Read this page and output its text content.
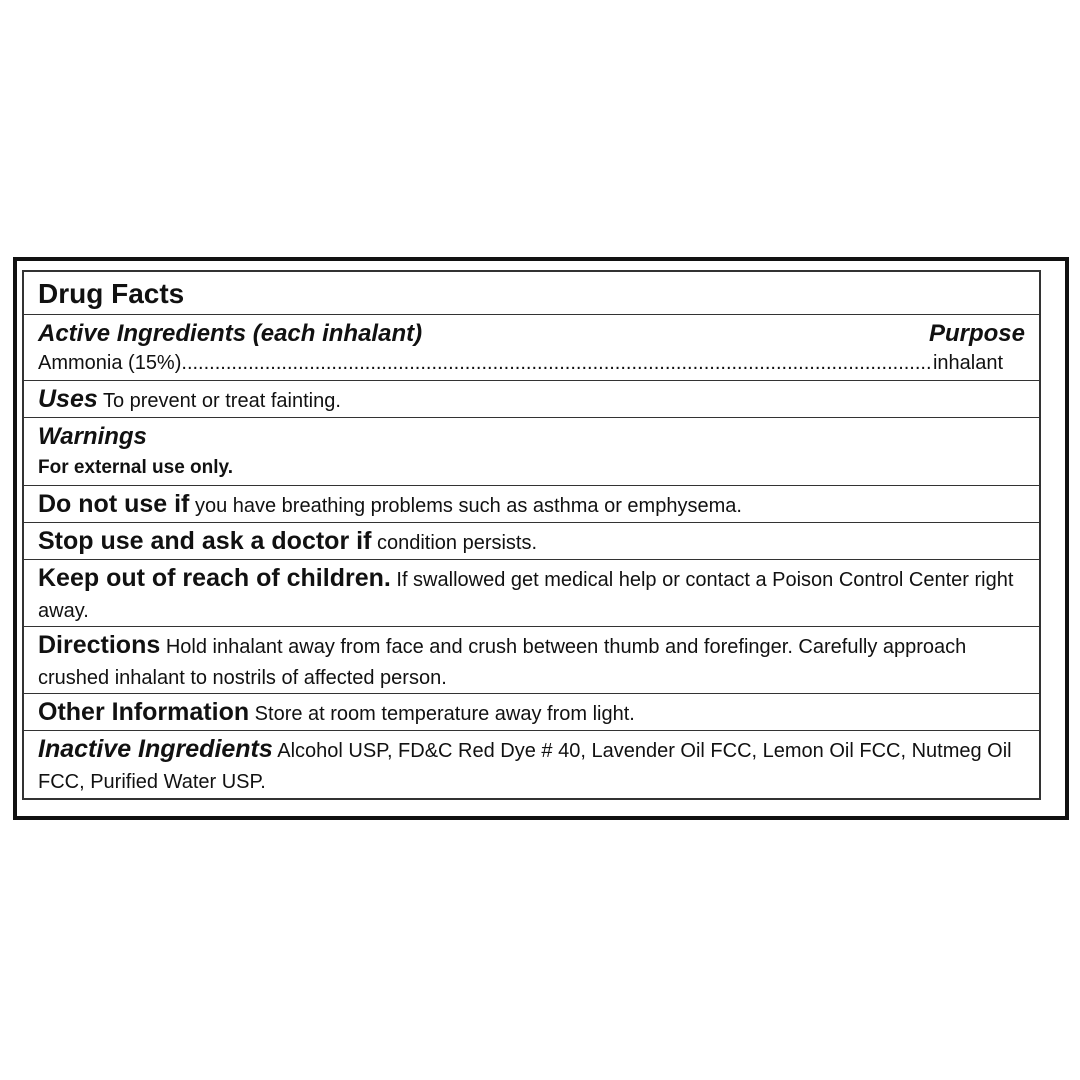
Drug Facts
Active Ingredients (each inhalant)	Purpose
Ammonia (15%)
.....	inhalant
Uses To prevent or treat fainting.
Warnings
For external use only.
Do not use if you have breathing problems such as asthma or emphysema.
Stop use and ask a doctor if condition persists.
Keep out of reach of children. If swallowed get medical help or contact a Poison Control Center right away.
Directions Hold inhalant away from face and crush between thumb and forefinger. Carefully approach crushed inhalant to nostrils of affected person.
Other Information Store at room temperature away from light.
Inactive Ingredients Alcohol USP, FD&C Red Dye # 40, Lavender Oil FCC, Lemon Oil FCC, Nutmeg Oil FCC, Purified Water USP.
